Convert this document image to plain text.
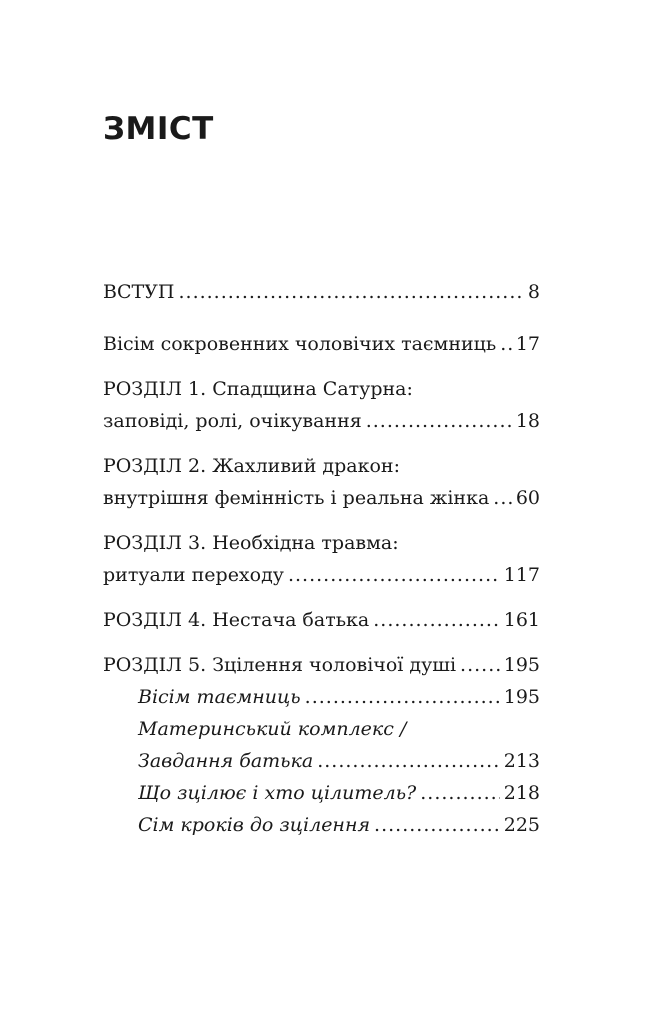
ЗМІСТ
ВСТУП .....	8
Вісім сокровенних чоловічих таємниць ..... 17
РОЗДІЛ 1. Спадщина Сатурна:
заповіді, ролі, очікування .....	18
РОЗДІЛ 2. Жахливий дракон:
внутрішня фемінність і реальна жінка ..... 60
РОЗДІЛ 3. Необхідна травма:
ритуали переходу .....	117
РОЗДІЛ 4. Нестача батька .....	161
РОЗДІЛ 5. Зцілення чоловічої душі .....	195
Вісім таємниць .....	195
Материнський комплекс /
Завдання батька .....	213
Що зцілює і хто цілитель? .....	218
Сім кроків до зцілення .....	225
